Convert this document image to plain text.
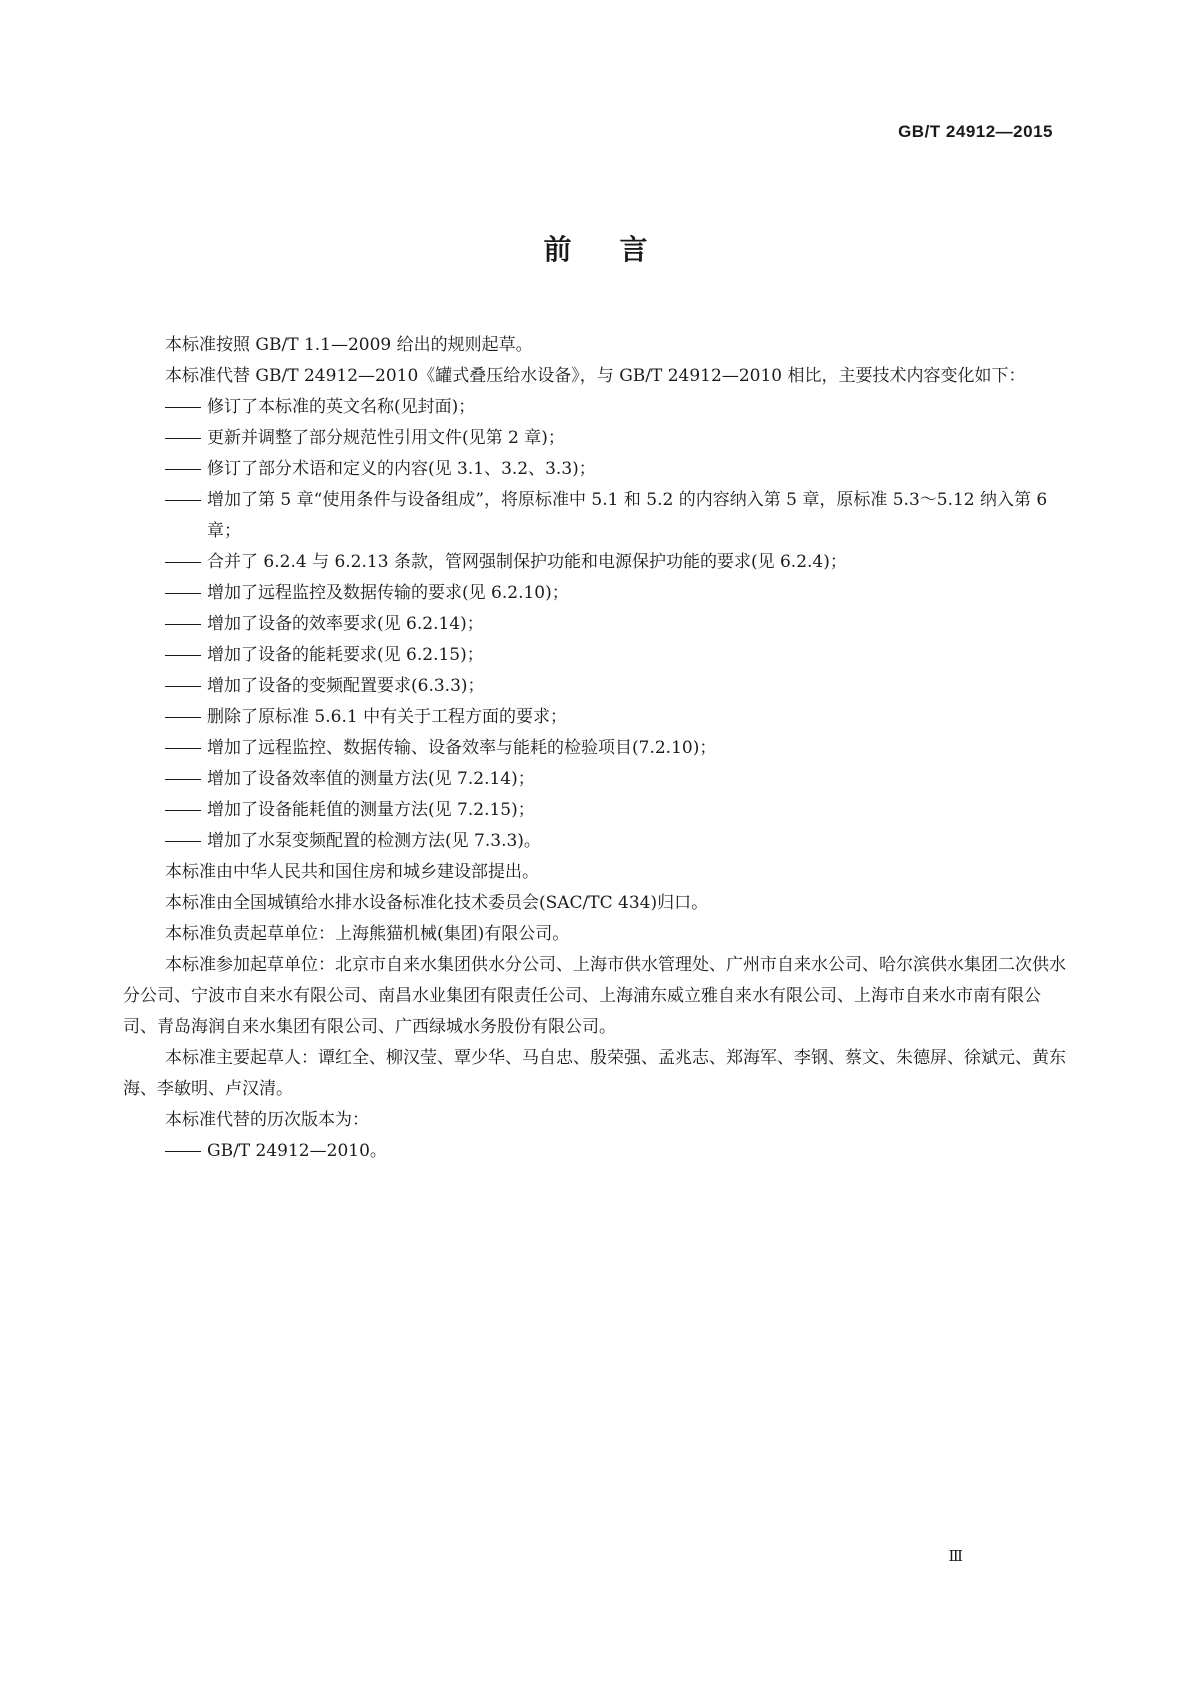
GB/T 24912—2015
前 言

本标准按照 GB/T 1.1—2009 给出的规则起草。

本标准代替 GB/T 24912—2010《罐式叠压给水设备》，与 GB/T 24912—2010 相比，主要技术内容变化如下：

修订了本标准的英文名称(见封面)；

更新并调整了部分规范性引用文件(见第 2 章)；

修订了部分术语和定义的内容(见 3.1、3.2、3.3)；

增加了第 5 章“使用条件与设备组成”，将原标准中 5.1 和 5.2 的内容纳入第 5 章，原标准 5.3～5.12 纳入第 6 章；

合并了 6.2.4 与 6.2.13 条款，管网强制保护功能和电源保护功能的要求(见 6.2.4)；

增加了远程监控及数据传输的要求(见 6.2.10)；

增加了设备的效率要求(见 6.2.14)；

增加了设备的能耗要求(见 6.2.15)；

增加了设备的变频配置要求(6.3.3)；

删除了原标准 5.6.1 中有关于工程方面的要求；

增加了远程监控、数据传输、设备效率与能耗的检验项目(7.2.10)；

增加了设备效率值的测量方法(见 7.2.14)；

增加了设备能耗值的测量方法(见 7.2.15)；

增加了水泵变频配置的检测方法(见 7.3.3)。

本标准由中华人民共和国住房和城乡建设部提出。

本标准由全国城镇给水排水设备标准化技术委员会(SAC/TC 434)归口。

本标准负责起草单位：上海熊猫机械(集团)有限公司。

本标准参加起草单位：北京市自来水集团供水分公司、上海市供水管理处、广州市自来水公司、哈尔滨供水集团二次供水分公司、宁波市自来水有限公司、南昌水业集团有限责任公司、上海浦东威立雅自来水有限公司、上海市自来水市南有限公司、青岛海润自来水集团有限公司、广西绿城水务股份有限公司。

本标准主要起草人：谭红全、柳汉莹、覃少华、马自忠、殷荣强、孟兆志、郑海军、李钢、蔡文、朱德屏、徐斌元、黄东海、李敏明、卢汉清。

本标准代替的历次版本为：

GB/T 24912—2010。

Ⅲ
